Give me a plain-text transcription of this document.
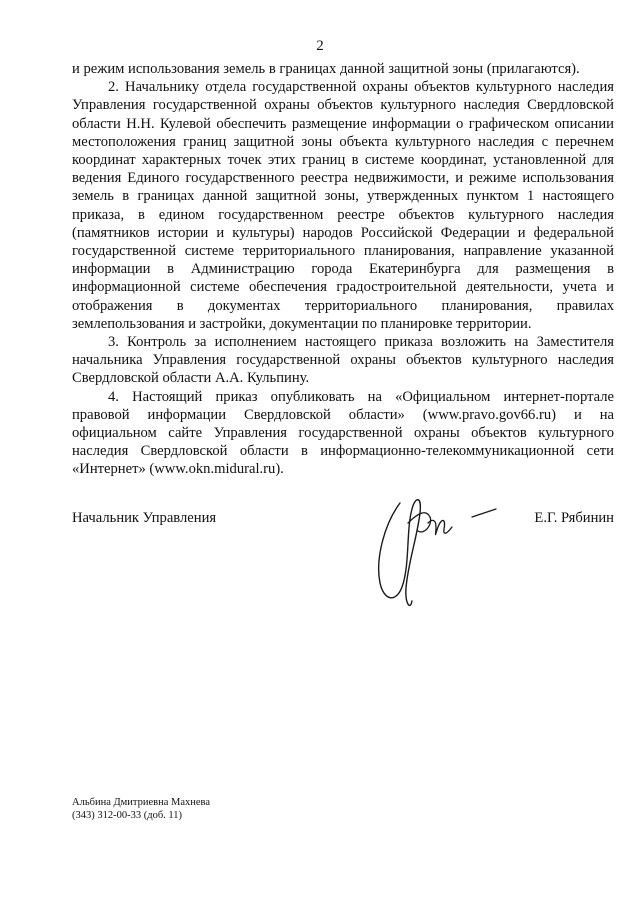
2

и режим использования земель в границах данной защитной зоны (прилагаются).

2. Начальнику отдела государственной охраны объектов культурного наследия Управления государственной охраны объектов культурного наследия Свердловской области Н.Н. Кулевой обеспечить размещение информации о графическом описании местоположения границ защитной зоны объекта культурного наследия с перечнем координат характерных точек этих границ в системе координат, установленной для ведения Единого государственного реестра недвижимости, и режиме использования земель в границах данной защитной зоны, утвержденных пунктом 1 настоящего приказа, в едином государственном реестре объектов культурного наследия (памятников истории и культуры) народов Российской Федерации и федеральной государственной системе территориального планирования, направление указанной информации в Администрацию города Екатеринбурга для размещения в информационной системе обеспечения градостроительной деятельности, учета и отображения в документах территориального планирования, правилах землепользования и застройки, документации по планировке территории.

3. Контроль за исполнением настоящего приказа возложить на Заместителя начальника Управления государственной охраны объектов культурного наследия Свердловской области А.А. Кульпину.

4. Настоящий приказ опубликовать на «Официальном интернет-портале правовой информации Свердловской области» (www.pravo.gov66.ru) и на официальном сайте Управления государственной охраны объектов культурного наследия Свердловской области в информационно-телекоммуникационной сети «Интернет» (www.okn.midural.ru).

Начальник Управления	Е.Г. Рябинин
Альбина Дмитриевна Махнева
(343) 312-00-33 (доб. 11)
